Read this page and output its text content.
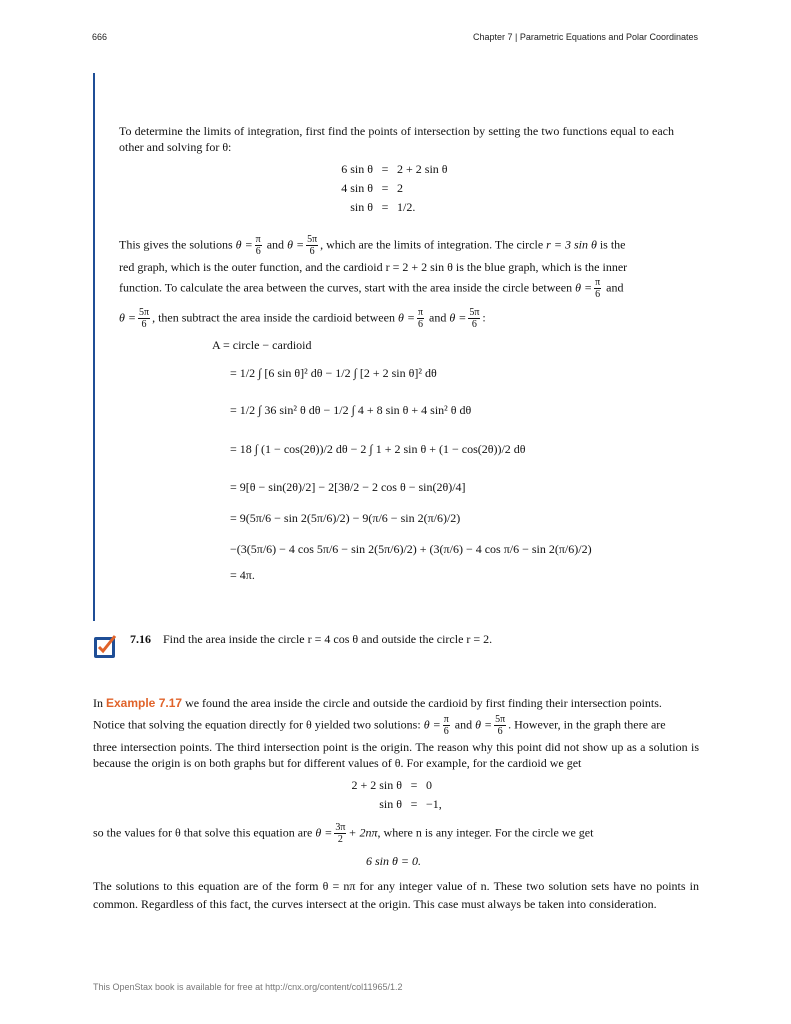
666	Chapter 7 | Parametric Equations and Polar Coordinates
To determine the limits of integration, first find the points of intersection by setting the two functions equal to each other and solving for θ:
6 sin θ = 2 + 2 sin θ
4 sin θ = 2
sin θ = 1/2.
This gives the solutions $\theta = \frac{\pi}{6}$ and $\theta = \frac{5\pi}{6}$ , which are the limits of integration. The circle r = 3 sin θ is the
red graph, which is the outer function, and the cardioid r = 2 + 2 sin θ is the blue graph, which is the inner
function. To calculate the area between the curves, start with the area inside the circle between $\theta = \frac{\pi}{6}$ and
$\theta = \frac{5\pi}{6}$ , then subtract the area inside the cardioid between $\theta = \frac{\pi}{6}$ and $\theta = \frac{5\pi}{6}$ :
A = circle − cardioid
= 1/2 ∫ [6 sin θ]² dθ − 1/2 ∫ [2 + 2 sin θ]² dθ
= 1/2 ∫ 36 sin² θ dθ − 1/2 ∫ 4 + 8 sin θ + 4 sin² θ dθ
= 18 ∫ (1 − cos(2θ))/2 dθ − 2 ∫ 1 + 2 sin θ + (1 − cos(2θ))/2 dθ
= 9[θ − sin(2θ)/2] − 2[3θ/2 − 2 cos θ − sin(2θ)/4]
= 9(5π/6 − sin 2(5π/6)/2) − 9(π/6 − sin 2(π/6)/2)
−(3(5π/6) − 4 cos 5π/6 − sin 2(5π/6)/2) + (3(π/6) − 4 cos π/6 − sin 2(π/6)/2)
= 4π.
7.16 Find the area inside the circle r = 4 cos θ and outside the circle r = 2.
In Example 7.17 we found the area inside the circle and outside the cardioid by first finding their intersection points.
Notice that solving the equation directly for θ yielded two solutions: $\theta = \frac{\pi}{6}$ and $\theta = \frac{5\pi}{6}$ . However, in the graph there are
three intersection points. The third intersection point is the origin. The reason why this point did not show up as a solution is because the origin is on both graphs but for different values of θ. For example, for the cardioid we get
2 + 2 sin θ = 0
sin θ = −1,
so the values for θ that solve this equation are $\theta = \frac{3\pi}{2} + 2n\pi$, where n is any integer. For the circle we get
6 sin θ = 0.
The solutions to this equation are of the form θ = nπ for any integer value of n. These two solution sets have no points in common. Regardless of this fact, the curves intersect at the origin. This case must always be taken into consideration.
This OpenStax book is available for free at http://cnx.org/content/col11965/1.2
